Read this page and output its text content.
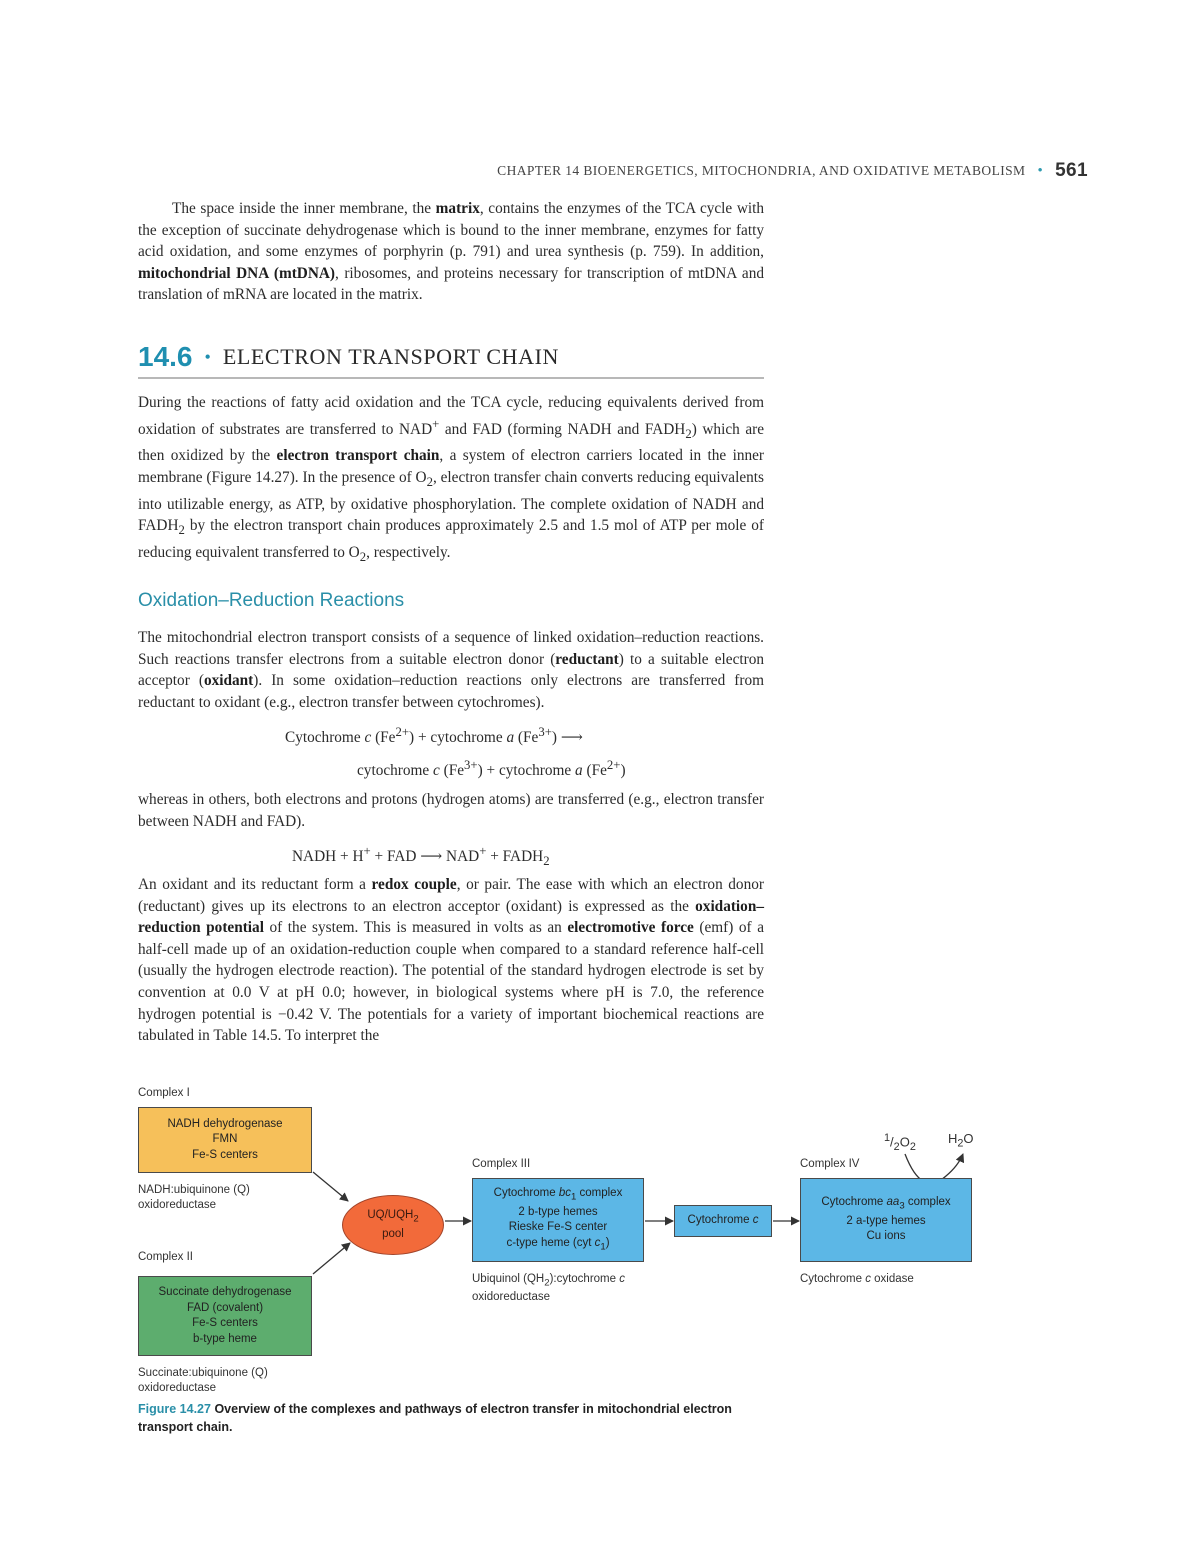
CHAPTER 14 BIOENERGETICS, MITOCHONDRIA, AND OXIDATIVE METABOLISM • 561

The space inside the inner membrane, the matrix, contains the enzymes of the TCA cycle with the exception of succinate dehydrogenase which is bound to the inner membrane, enzymes for fatty acid oxidation, and some enzymes of porphyrin (p. 791) and urea synthesis (p. 759). In addition, mitochondrial DNA (mtDNA), ribosomes, and proteins necessary for transcription of mtDNA and translation of mRNA are located in the matrix.

14.6 • ELECTRON TRANSPORT CHAIN

During the reactions of fatty acid oxidation and the TCA cycle, reducing equivalents derived from oxidation of substrates are transferred to NAD+ and FAD (forming NADH and $FADH_2$) which are then oxidized by the electron transport chain, a system of electron carriers located in the inner membrane (Figure 14.27). In the presence of $O_2$, electron transfer chain converts reducing equivalents into utilizable energy, as ATP, by oxidative phosphorylation. The complete oxidation of NADH and $FADH_2$ by the electron transport chain produces approximately 2.5 and 1.5 mol of ATP per mole of reducing equivalent transferred to $O_2$, respectively.

Oxidation–Reduction Reactions

The mitochondrial electron transport consists of a sequence of linked oxidation–reduction reactions. Such reactions transfer electrons from a suitable electron donor (reductant) to a suitable electron acceptor (oxidant). In some oxidation–reduction reactions only electrons are transferred from reductant to oxidant (e.g., electron transfer between cytochromes).

Cytochrome c $(Fe^{2+})$ + cytochrome a $(Fe^{3+})$ ⟶
cytochrome c $(Fe^{3+})$ + cytochrome a $(Fe^{2+})$

whereas in others, both electrons and protons (hydrogen atoms) are transferred (e.g., electron transfer between NADH and FAD).

NADH + H+ + FAD ⟶ $NAD^+ + FADH_2$

An oxidant and its reductant form a redox couple, or pair. The ease with which an electron donor (reductant) gives up its electrons to an electron acceptor (oxidant) is expressed as the oxidation–reduction potential of the system. This is measured in volts as an electromotive force (emf) of a half-cell made up of an oxidation-reduction couple when compared to a standard reference half-cell (usually the hydrogen electrode reaction). The potential of the standard hydrogen electrode is set by convention at 0.0 V at pH 0.0; however, in biological systems where pH is 7.0, the reference hydrogen potential is −0.42 V. The potentials for a variety of important biochemical reactions are tabulated in Table 14.5. To interpret the

Complex I
NADH dehydrogenase
FMN
Fe-S centers
NADH:ubiquinone (Q)
oxidoreductase
Complex II
Succinate dehydrogenase
FAD (covalent)
Fe-S centers
b-type heme
Succinate:ubiquinone (Q)
oxidoreductase
$UQ/UQH_2$
pool
Complex III
Cytochrome $bc_1$ complex
2 b-type hemes
Rieske Fe-S center
c-type heme (cyt $c_1$)
Ubiquinol $(QH_2):cytochrome$ c
oxidoreductase
Cytochrome c
Complex IV
Cytochrome $aa_3$ complex
2 a-type hemes
Cu ions
Cytochrome c oxidase
$^1/_2O_2$
$H_2O$
Figure 14.27 Overview of the complexes and pathways of electron transfer in mitochondrial electron transport chain.
